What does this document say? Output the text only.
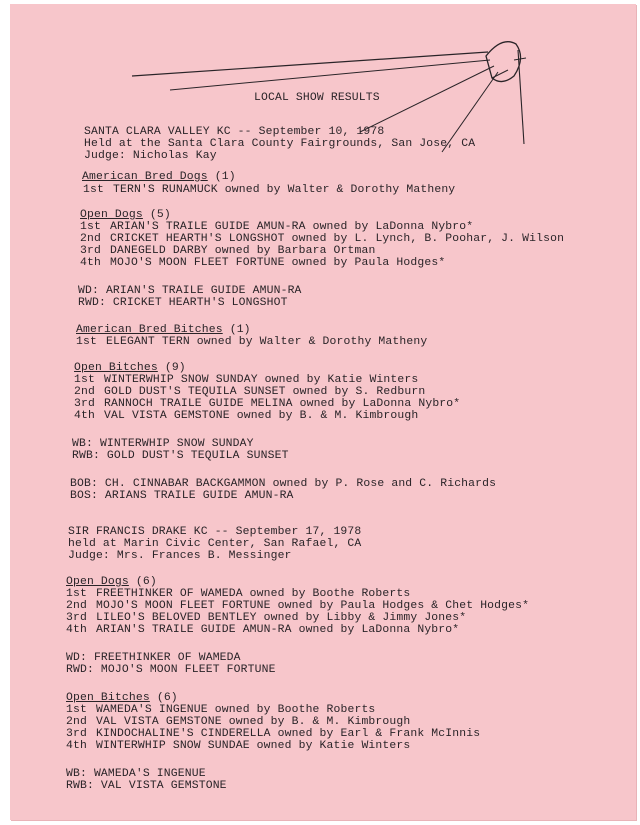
LOCAL SHOW RESULTS
SANTA CLARA VALLEY KC -- September 10, 1978
Held at the Santa Clara County Fairgrounds, San Jose, CA
Judge: Nicholas Kay
American Bred Dogs (1)
1st TERN'S RUNAMUCK owned by Walter & Dorothy Matheny
Open Dogs (5)
1st ARIAN'S TRAILE GUIDE AMUN-RA owned by LaDonna Nybro*
2nd CRICKET HEARTH'S LONGSHOT owned by L. Lynch, B. Poohar, J. Wilson
3rd DANEGELD DARBY owned by Barbara Ortman
4th MOJO'S MOON FLEET FORTUNE owned by Paula Hodges*
WD: ARIAN'S TRAILE GUIDE AMUN-RA
RWD: CRICKET HEARTH'S LONGSHOT
American Bred Bitches (1)
1st ELEGANT TERN owned by Walter & Dorothy Matheny
Open Bitches (9)
1st WINTERWHIP SNOW SUNDAY owned by Katie Winters
2nd GOLD DUST'S TEQUILA SUNSET owned by S. Redburn
3rd RANNOCH TRAILE GUIDE MELINA owned by LaDonna Nybro*
4th VAL VISTA GEMSTONE owned by B. & M. Kimbrough
WB: WINTERWHIP SNOW SUNDAY
RWB: GOLD DUST'S TEQUILA SUNSET
BOB: CH. CINNABAR BACKGAMMON owned by P. Rose and C. Richards
BOS: ARIANS TRAILE GUIDE AMUN-RA
SIR FRANCIS DRAKE KC -- September 17, 1978
held at Marin Civic Center, San Rafael, CA
Judge: Mrs. Frances B. Messinger
Open Dogs (6)
1st FREETHINKER OF WAMEDA owned by Boothe Roberts
2nd MOJO'S MOON FLEET FORTUNE owned by Paula Hodges & Chet Hodges*
3rd LILEO'S BELOVED BENTLEY owned by Libby & Jimmy Jones*
4th ARIAN'S TRAILE GUIDE AMUN-RA owned by LaDonna Nybro*
WD: FREETHINKER OF WAMEDA
RWD: MOJO'S MOON FLEET FORTUNE
Open Bitches (6)
1st WAMEDA'S INGENUE owned by Boothe Roberts
2nd VAL VISTA GEMSTONE owned by B. & M. Kimbrough
3rd KINDOCHALINE'S CINDERELLA owned by Earl & Frank McInnis
4th WINTERWHIP SNOW SUNDAE owned by Katie Winters
WB: WAMEDA'S INGENUE
RWB: VAL VISTA GEMSTONE
